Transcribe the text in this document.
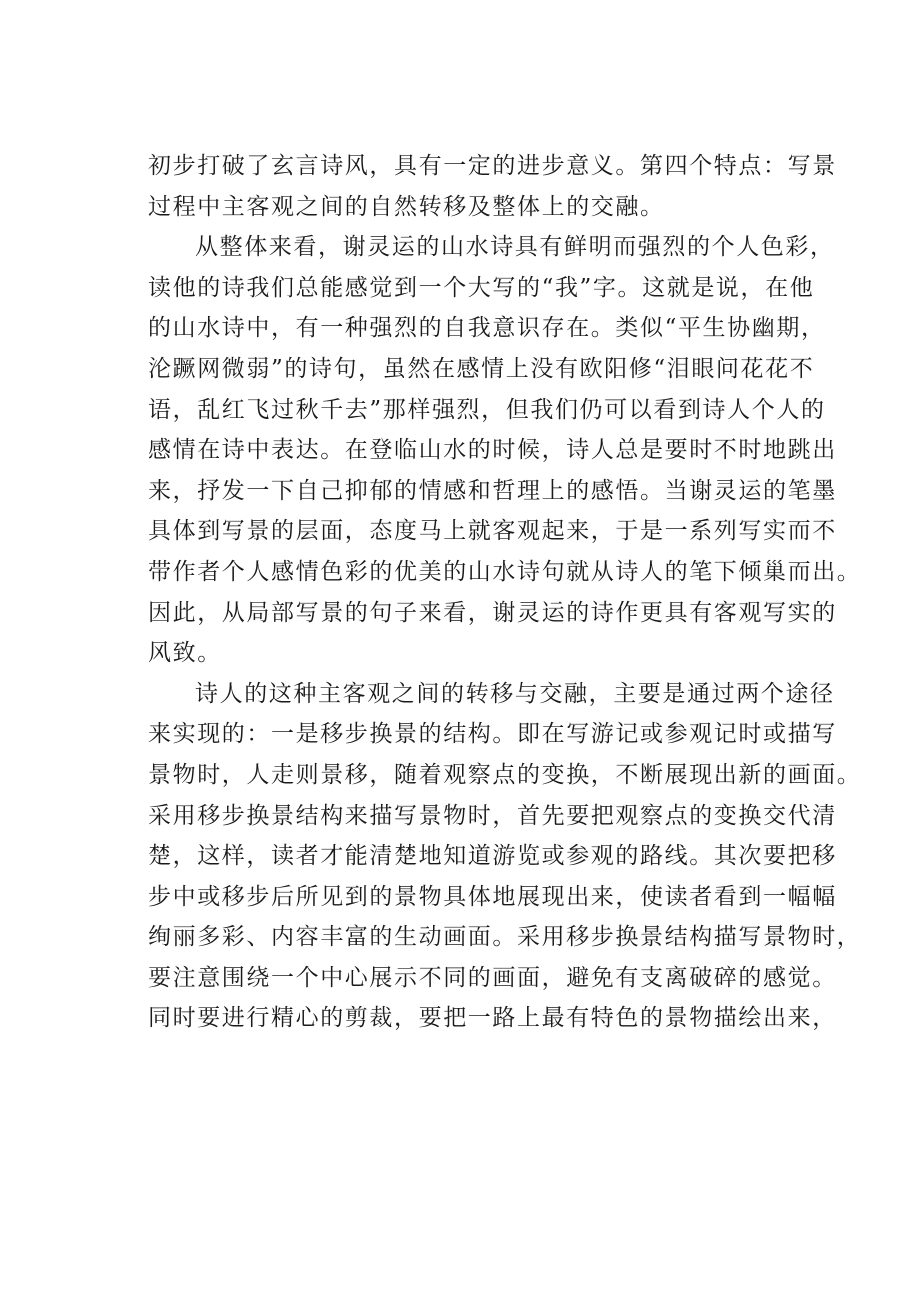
初步打破了玄言诗风，具有一定的进步意义。第四个特点：写景
过程中主客观之间的自然转移及整体上的交融。

从整体来看，谢灵运的山水诗具有鲜明而强烈的个人色彩，
读他的诗我们总能感觉到一个大写的“我”字。这就是说，在他
的山水诗中，有一种强烈的自我意识存在。类似“平生协幽期，
沦蹶网微弱”的诗句，虽然在感情上没有欧阳修“泪眼问花花不
语，乱红飞过秋千去”那样强烈，但我们仍可以看到诗人个人的
感情在诗中表达。在登临山水的时候，诗人总是要时不时地跳出
来，抒发一下自己抑郁的情感和哲理上的感悟。当谢灵运的笔墨
具体到写景的层面，态度马上就客观起来，于是一系列写实而不
带作者个人感情色彩的优美的山水诗句就从诗人的笔下倾巢而出。
因此，从局部写景的句子来看，谢灵运的诗作更具有客观写实的
风致。

诗人的这种主客观之间的转移与交融，主要是通过两个途径
来实现的：一是移步换景的结构。即在写游记或参观记时或描写
景物时，人走则景移，随着观察点的变换，不断展现出新的画面。
采用移步换景结构来描写景物时，首先要把观察点的变换交代清
楚，这样，读者才能清楚地知道游览或参观的路线。其次要把移
步中或移步后所见到的景物具体地展现出来，使读者看到一幅幅
绚丽多彩、内容丰富的生动画面。采用移步换景结构描写景物时，
要注意围绕一个中心展示不同的画面，避免有支离破碎的感觉。
同时要进行精心的剪裁，要把一路上最有特色的景物描绘出来，
